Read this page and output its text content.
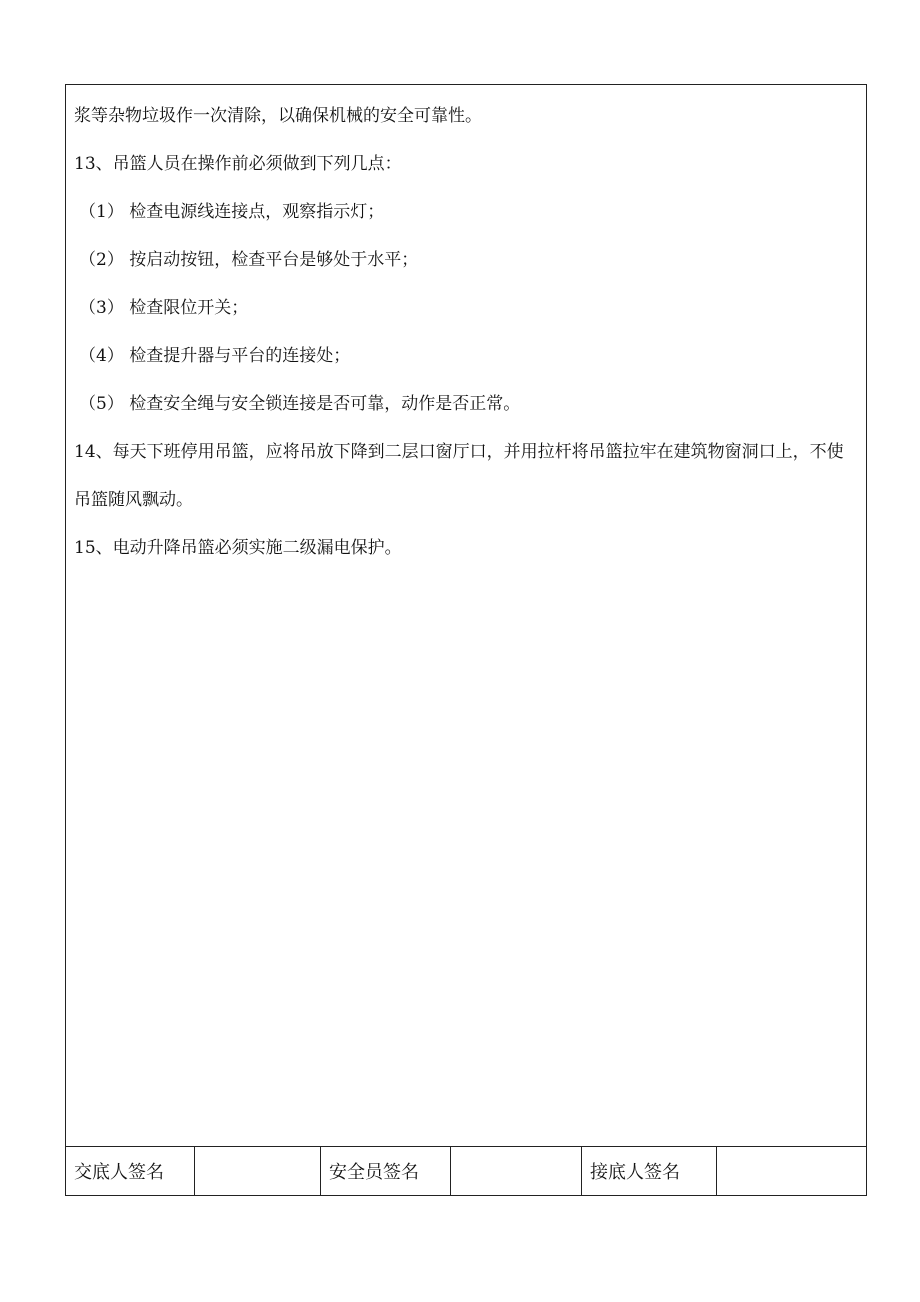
浆等杂物垃圾作一次清除，以确保机械的安全可靠性。

13、吊篮人员在操作前必须做到下列几点：

（1） 检查电源线连接点，观察指示灯；

（2） 按启动按钮，检查平台是够处于水平；

（3） 检查限位开关；

（4） 检查提升器与平台的连接处；

（5） 检查安全绳与安全锁连接是否可靠，动作是否正常。

14、每天下班停用吊篮，应将吊放下降到二层口窗厅口，并用拉杆将吊篮拉牢在建筑物窗洞口上，不使吊篮随风飘动。

15、电动升降吊篮必须实施二级漏电保护。

交底人签名	安全员签名	接底人签名
